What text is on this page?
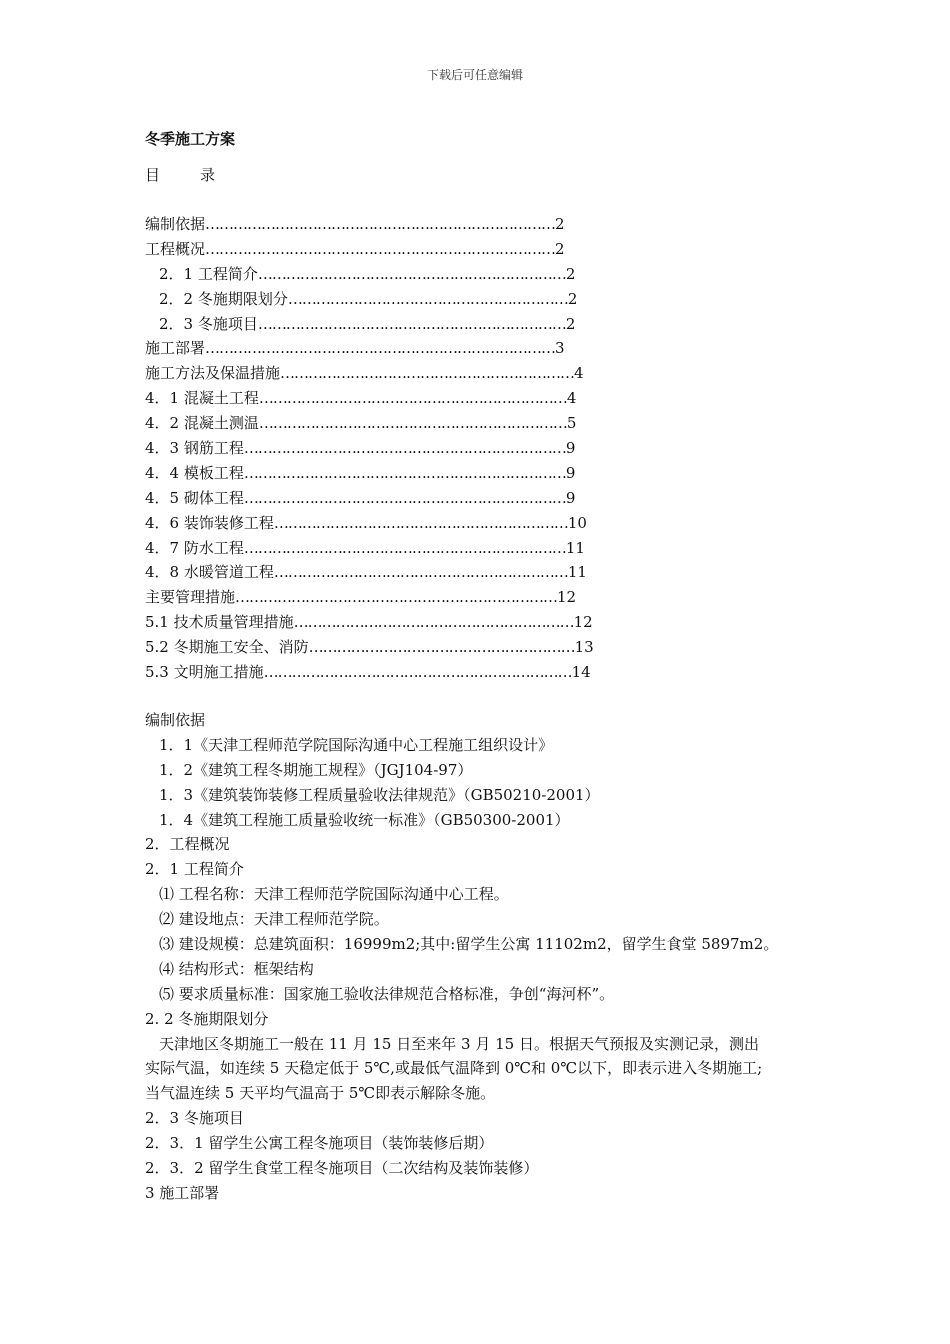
下载后可任意编辑
冬季施工方案
目	录
编制依据…………………………………………………………………2
工程概况…………………………………………………………………2
2．1 工程简介…………………………………………………………2
2．2 冬施期限划分……………………………………………………2
2．3 冬施项目…………………………………………………………2
施工部署…………………………………………………………………3
施工方法及保温措施………………………………………………………4
4．1 混凝土工程…………………………………………………………4
4．2 混凝土测温…………………………………………………………5
4．3 钢筋工程……………………………………………………………9
4．4 模板工程……………………………………………………………9
4．5 砌体工程……………………………………………………………9
4．6 装饰装修工程………………………………………………………10
4．7 防水工程……………………………………………………………11
4．8 水暖管道工程………………………………………………………11
主要管理措施……………………………………………………………12
5.1 技术质量管理措施……………………………………………………12
5.2 冬期施工安全、消防…………………………………………………13
5.3 文明施工措施…………………………………………………………14
编制依据
1．1《天津工程师范学院国际沟通中心工程施工组织设计》
1．2《建筑工程冬期施工规程》（JGJ104-97）
1．3《建筑装饰装修工程质量验收法律规范》（GB50210-2001）
1．4《建筑工程施工质量验收统一标准》（GB50300-2001）
2．工程概况
2．1 工程简介
⑴ 工程名称：天津工程师范学院国际沟通中心工程。
⑵ 建设地点：天津工程师范学院。
⑶ 建设规模：总建筑面积：16999m2;其中:留学生公寓 11102m2，留学生食堂 5897m2。
⑷ 结构形式：框架结构
⑸ 要求质量标准：国家施工验收法律规范合格标准，争创“海河杯”。
2. 2 冬施期限划分
天津地区冬期施工一般在 11 月 15 日至来年 3 月 15 日。根据天气预报及实测记录，测出
实际气温，如连续 5 天稳定低于 5℃,或最低气温降到 0℃和 0℃以下，即表示进入冬期施工;
当气温连续 5 天平均气温高于 5℃即表示解除冬施。
2．3 冬施项目
2．3．1 留学生公寓工程冬施项目（装饰装修后期）
2．3．2 留学生食堂工程冬施项目（二次结构及装饰装修）
3 施工部署
